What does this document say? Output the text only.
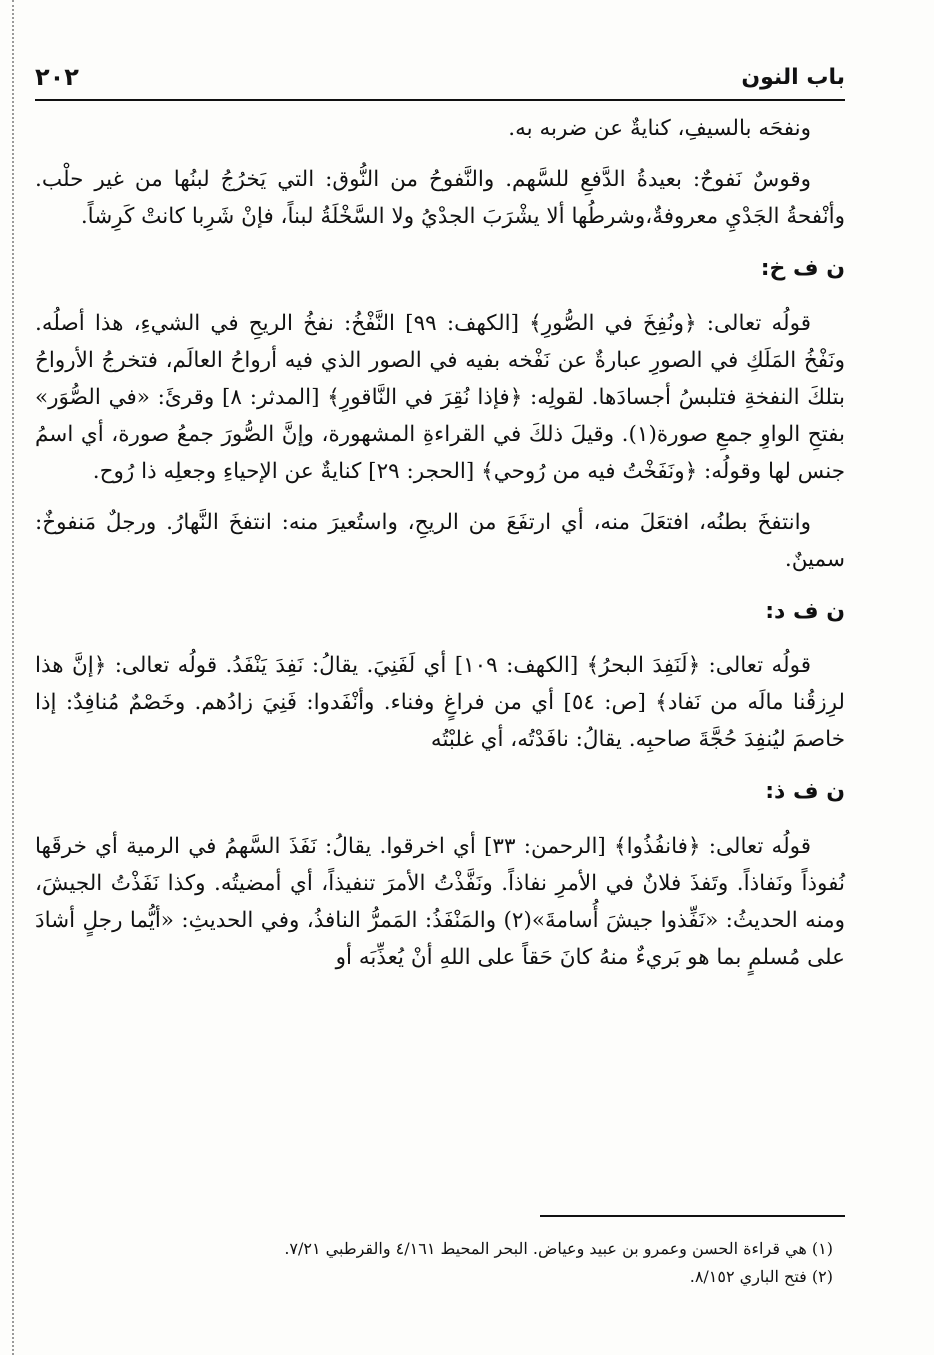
باب النون
٢٠٢

ونفحَه بالسيفِ، كنايةٌ عن ضربه به.

وقوسٌ نَفوحٌ: بعيدةُ الدَّفعِ للسَّهم. والنَّفوحُ من النُّوق: التي يَخرُجُ لبنُها من غير حلْب. وأنْفحةُ الجَدْيِ معروفةٌ،وشرطُها ألا يشْرَبَ الجدْيُ ولا السَّخْلَةُ لبناً، فإنْ شَرِبا كانتْ كَرِشاً.

ن ف خ:

قولُه تعالى: ﴿ونُفِخَ في الصُّورِ﴾ [الكهف: ٩٩] النَّفْخُ: نفخُ الريحِ في الشيءِ، هذا أصلُه. ونَفْخُ المَلَكِ في الصورِ عبارةٌ عن نَفْخه بفيه في الصور الذي فيه أرواحُ العالَم، فتخرجُ الأرواحُ بتلكَ النفخةِ فتلبسُ أجسادَها. لقولِه: ﴿فإذا نُقِرَ في النَّاقورِ﴾ [المدثر: ٨] وقرئَ: «في الصُّوَر» بفتحِ الواوِ جمعِ صورة(١). وقيلَ ذلكَ في القراءةِ المشهورة، وإنَّ الصُّورَ جمعُ صورة، أي اسمُ جنس لها وقولُه: ﴿ونَفَخْتُ فيه من رُوحي﴾ [الحجر: ٢٩] كنايةٌ عن الإحياءِ وجعلِه ذا رُوح.

وانتفخَ بطنُه، افتعَلَ منه، أي ارتفَعَ من الريحِ، واستُعيرَ منه: انتفخَ النَّهارُ. ورجلٌ مَنفوخٌ: سمينٌ.

ن ف د:

قولُه تعالى: ﴿لَنَفِدَ البحرُ﴾ [الكهف: ١٠٩] أي لَفَنِيَ. يقالُ: نَفِدَ يَنْفَدُ. قولُه تعالى: ﴿إنَّ هذا لرِزقُنا مالَه من نَفاد﴾ [ص: ٥٤] أي من فراغٍ وفناء. وأنْفَدوا: فَنِيَ زادُهم. وخَصْمٌ مُنافِدٌ: إذا خاصمَ ليُنفِدَ حُجَّةَ صاحبِه. يقالُ: نافَدْتُه، أي غلبْتُه

ن ف ذ:

قولُه تعالى: ﴿فانفُذُوا﴾ [الرحمن: ٣٣] أي اخرقوا. يقالُ: نَفَذَ السَّهمُ في الرمية أي خرقَها نُفوذاً ونَفاذاً. وتَفذَ فلانٌ في الأمرِ نفاذاً. ونَفَّذْتُ الأمرَ تنفيذاً، أي أمضيتُه. وكذا نَفَذْتُ الجيشَ، ومنه الحديثُ: «نَفِّذوا جيشَ أُسامةَ»(٢) والمَنْفَذُ: المَمرُّ النافذُ، وفي الحديثِ: «أيُّما رجلٍ أشادَ على مُسلمٍ بما هو بَريءٌ منهُ كانَ حَقاً على اللهِ أنْ يُعذِّبَه أو

(١) هي قراءة الحسن وعمرو بن عبيد وعياض. البحر المحيط ٤/١٦١ والقرطبي ٧/٢١.
(٢) فتح الباري ٨/١٥٢.
